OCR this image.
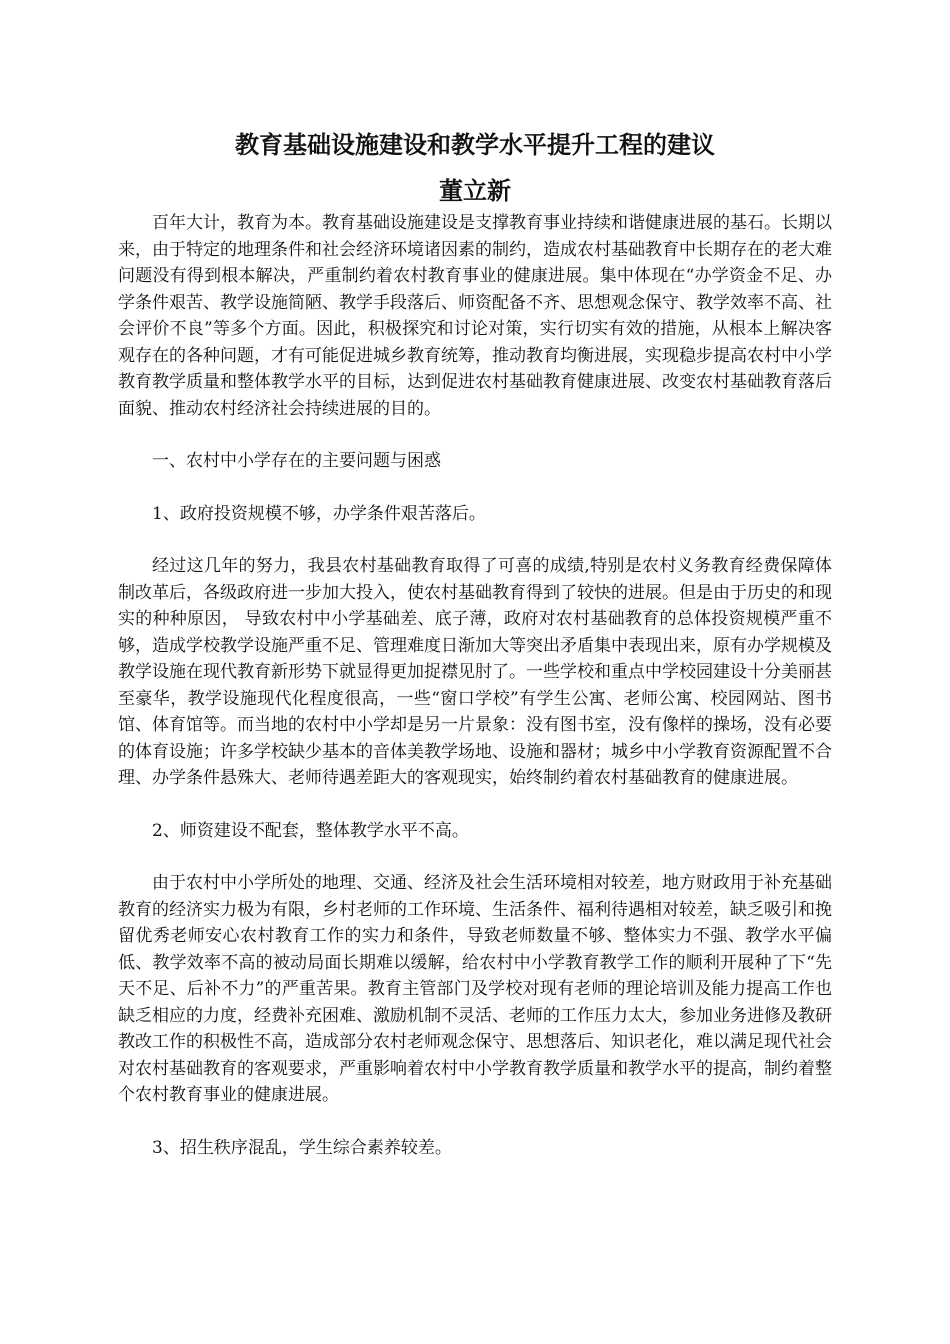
教育基础设施建设和教学水平提升工程的建议
董立新

百年大计，教育为本。教育基础设施建设是支撑教育事业持续和谐健康进展的基石。长期以来，由于特定的地理条件和社会经济环境诸因素的制约，造成农村基础教育中长期存在的老大难问题没有得到根本解决，严重制约着农村教育事业的健康进展。集中体现在“办学资金不足、办学条件艰苦、教学设施简陋、教学手段落后、师资配备不齐、思想观念保守、教学效率不高、社会评价不良”等多个方面。因此，积极探究和讨论对策，实行切实有效的措施，从根本上解决客观存在的各种问题，才有可能促进城乡教育统筹，推动教育均衡进展，实现稳步提高农村中小学教育教学质量和整体教学水平的目标，达到促进农村基础教育健康进展、改变农村基础教育落后面貌、推动农村经济社会持续进展的目的。

一、农村中小学存在的主要问题与困惑

1、政府投资规模不够，办学条件艰苦落后。

经过这几年的努力，我县农村基础教育取得了可喜的成绩,特别是农村义务教育经费保障体制改革后，各级政府进一步加大投入，使农村基础教育得到了较快的进展。但是由于历史的和现实的种种原因， 导致农村中小学基础差、底子薄，政府对农村基础教育的总体投资规模严重不够，造成学校教学设施严重不足、管理难度日渐加大等突出矛盾集中表现出来，原有办学规模及教学设施在现代教育新形势下就显得更加捉襟见肘了。一些学校和重点中学校园建设十分美丽甚至豪华，教学设施现代化程度很高，一些“窗口学校”有学生公寓、老师公寓、校园网站、图书馆、体育馆等。而当地的农村中小学却是另一片景象：没有图书室，没有像样的操场，没有必要的体育设施；许多学校缺少基本的音体美教学场地、设施和器材；城乡中小学教育资源配置不合理、办学条件悬殊大、老师待遇差距大的客观现实，始终制约着农村基础教育的健康进展。

2、师资建设不配套，整体教学水平不高。

由于农村中小学所处的地理、交通、经济及社会生活环境相对较差，地方财政用于补充基础教育的经济实力极为有限，乡村老师的工作环境、生活条件、福利待遇相对较差，缺乏吸引和挽留优秀老师安心农村教育工作的实力和条件，导致老师数量不够、整体实力不强、教学水平偏低、教学效率不高的被动局面长期难以缓解，给农村中小学教育教学工作的顺利开展种了下“先天不足、后补不力”的严重苦果。教育主管部门及学校对现有老师的理论培训及能力提高工作也缺乏相应的力度，经费补充困难、激励机制不灵活、老师的工作压力太大，参加业务进修及教研教改工作的积极性不高，造成部分农村老师观念保守、思想落后、知识老化，难以满足现代社会对农村基础教育的客观要求，严重影响着农村中小学教育教学质量和教学水平的提高，制约着整个农村教育事业的健康进展。

3、招生秩序混乱，学生综合素养较差。
